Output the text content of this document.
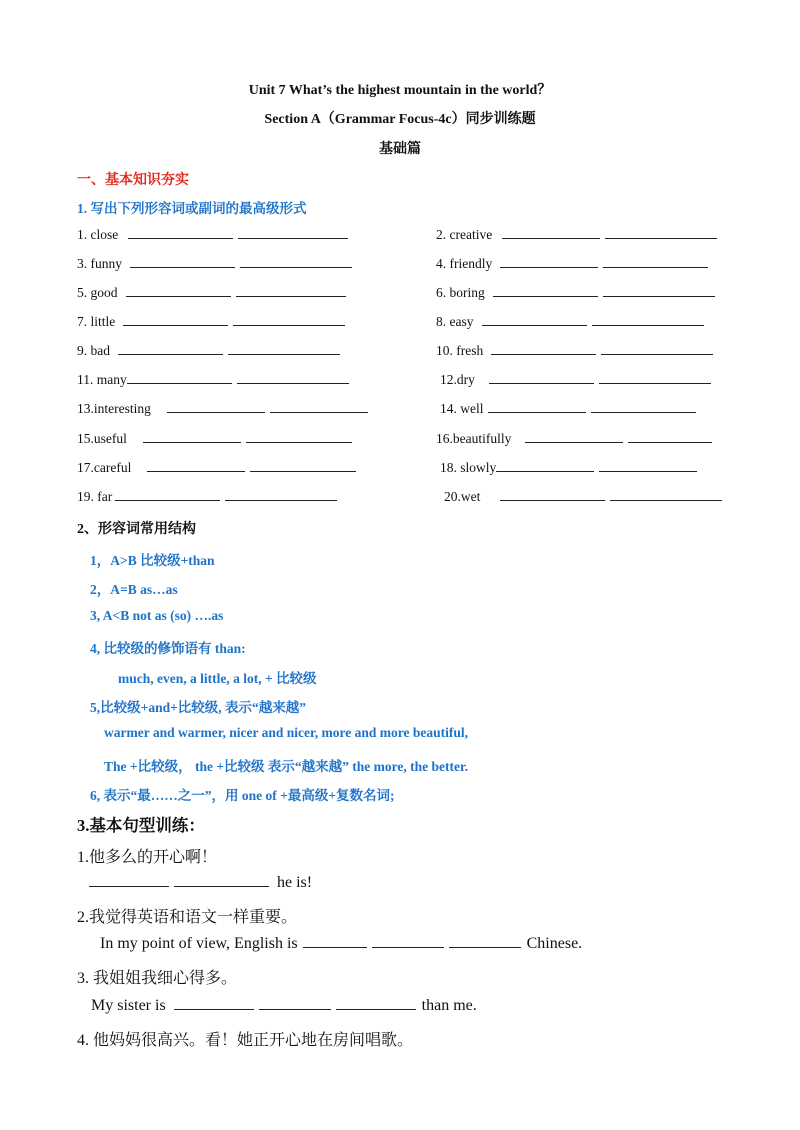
Unit 7 What’s the highest mountain in the world？
Section A（Grammar Focus-4c）同步训练题
基础篇
一、基本知识夯实
1. 写出下列形容词或副词的最高级形式
1. close
3. funny
5. good
7. little
9. bad
11. many
13.interesting
15.useful
17.careful
19. far
2. creative
4. friendly
6. boring
8. easy
10. fresh
12.dry
14. well
16.beautifully
18. slowly
20.wet
2、形容词常用结构
1，A>B 比较级+than
2，A=B as…as
3, A<B not as (so) ….as
4, 比较级的修饰语有 than:
much, even, a little, a lot, + 比较级
5,比较级+and+比较级, 表示“越来越”
warmer and warmer, nicer and nicer, more and more beautiful,
The +比较级， the +比较级 表示“越来越” the more, the better.
6, 表示“最……之一”，用 one of +最高级+复数名词;
3.基本句型训练：
1.他多么的开心啊！
he is!
2.我觉得英语和语文一样重要。
In my point of view, English is	Chinese.
3. 我姐姐我细心得多。
My sister is	than me.
4. 他妈妈很高兴。看！她正开心地在房间唱歌。
